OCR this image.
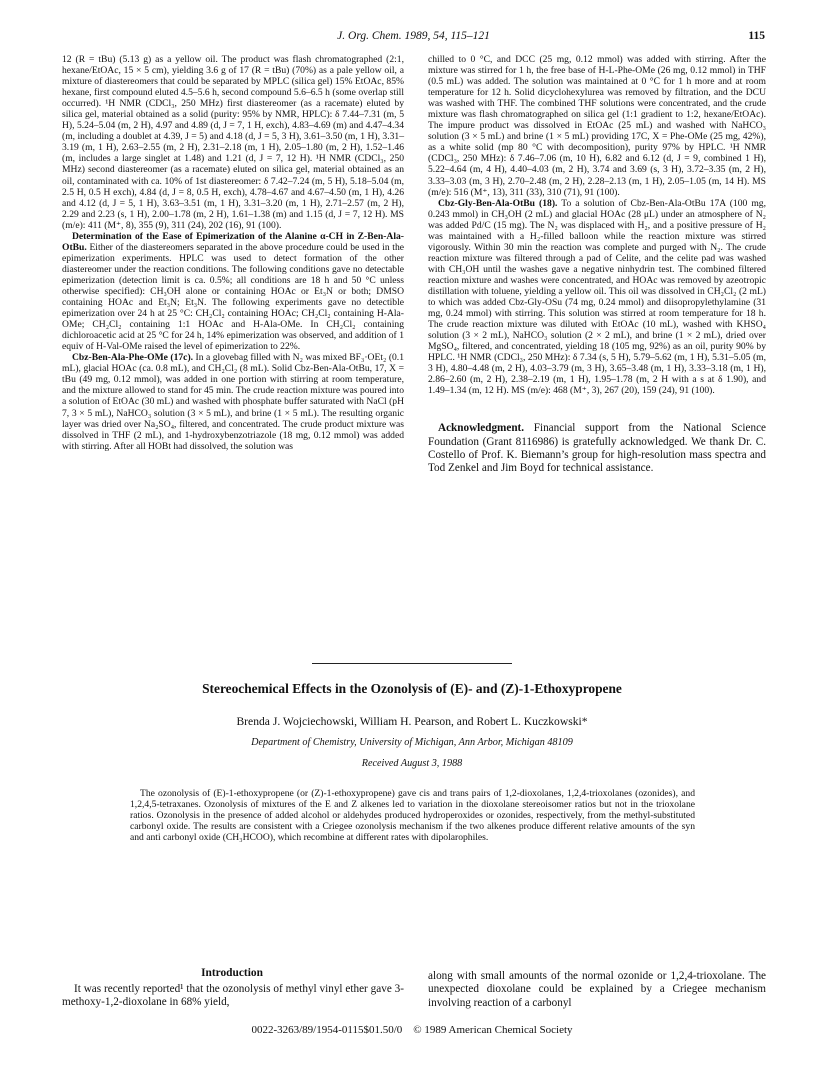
J. Org. Chem. 1989, 54, 115–121	115

12 (R = tBu) (5.13 g) as a yellow oil. The product was flash chromatographed (2:1, hexane/EtOAc, 15 × 5 cm), yielding 3.6 g of 17 (R = tBu) (70%) as a pale yellow oil, a mixture of diastereomers that could be separated by MPLC (silica gel) 15% EtOAc, 85% hexane, first compound eluted 4.5–5.6 h, second compound 5.6–6.5 h (some overlap still occurred). ¹H NMR (CDCl₃, 250 MHz) first diastereomer (as a racemate) eluted by silica gel, material obtained as a solid (purity: 95% by NMR, HPLC): δ 7.44–7.31 (m, 5 H), 5.24–5.04 (m, 2 H), 4.97 and 4.89 (d, J = 7, 1 H, exch), 4.83–4.69 (m) and 4.47–4.34 (m, including a doublet at 4.39, J = 5) and 4.18 (d, J = 5, 3 H), 3.61–3.50 (m, 1 H), 3.31–3.19 (m, 1 H), 2.63–2.55 (m, 2 H), 2.31–2.18 (m, 1 H), 2.05–1.80 (m, 2 H), 1.52–1.46 (m, includes a large singlet at 1.48) and 1.21 (d, J = 7, 12 H). ¹H NMR (CDCl₃, 250 MHz) second diastereomer (as a racemate) eluted on silica gel, material obtained as an oil, contaminated with ca. 10% of 1st diastereomer: δ 7.42–7.24 (m, 5 H), 5.18–5.04 (m, 2.5 H, 0.5 H exch), 4.84 (d, J = 8, 0.5 H, exch), 4.78–4.67 and 4.67–4.50 (m, 1 H), 4.26 and 4.12 (d, J = 5, 1 H), 3.63–3.51 (m, 1 H), 3.31–3.20 (m, 1 H), 2.71–2.57 (m, 2 H), 2.29 and 2.23 (s, 1 H), 2.00–1.78 (m, 2 H), 1.61–1.38 (m) and 1.15 (d, J = 7, 12 H). MS (m/e): 411 (M⁺, 8), 355 (9), 311 (24), 202 (16), 91 (100).

Determination of the Ease of Epimerization of the Alanine α-CH in Z-Ben-Ala-OtBu. Either of the diastereomers separated in the above procedure could be used in the epimerization experiments. HPLC was used to detect formation of the other diastereomer under the reaction conditions. The following conditions gave no detectable epimerization (detection limit is ca. 0.5%; all conditions are 18 h and 50 °C unless otherwise specified): CH₃OH alone or containing HOAc or Et₃N or both; DMSO containing HOAc and Et₃N; Et₃N. The following experiments gave no detectible epimerization over 24 h at 25 °C: CH₂Cl₂ containing HOAc; CH₂Cl₂ containing H-Ala-OMe; CH₂Cl₂ containing 1:1 HOAc and H-Ala-OMe. In CH₂Cl₂ containing dichloroacetic acid at 25 °C for 24 h, 14% epimerization was observed, and addition of 1 equiv of H-Val-OMe raised the level of epimerization to 22%.

Cbz-Ben-Ala-Phe-OMe (17c). In a glovebag filled with N₂ was mixed BF₃·OEt₂ (0.1 mL), glacial HOAc (ca. 0.8 mL), and CH₂Cl₂ (8 mL). Solid Cbz-Ben-Ala-OtBu, 17, X = tBu (49 mg, 0.12 mmol), was added in one portion with stirring at room temperature, and the mixture allowed to stand for 45 min. The crude reaction mixture was poured into a solution of EtOAc (30 mL) and washed with phosphate buffer saturated with NaCl (pH 7, 3 × 5 mL), NaHCO₃ solution (3 × 5 mL), and brine (1 × 5 mL). The resulting organic layer was dried over Na₂SO₄, filtered, and concentrated. The crude product mixture was dissolved in THF (2 mL), and 1-hydroxybenzotriazole (18 mg, 0.12 mmol) was added with stirring. After all HOBt had dissolved, the solution was

chilled to 0 °C, and DCC (25 mg, 0.12 mmol) was added with stirring. After the mixture was stirred for 1 h, the free base of H-L-Phe-OMe (26 mg, 0.12 mmol) in THF (0.5 mL) was added. The solution was maintained at 0 °C for 1 h more and at room temperature for 12 h. Solid dicyclohexylurea was removed by filtration, and the DCU was washed with THF. The combined THF solutions were concentrated, and the crude mixture was flash chromatographed on silica gel (1:1 gradient to 1:2, hexane/EtOAc). The impure product was dissolved in EtOAc (25 mL) and washed with NaHCO₃ solution (3 × 5 mL) and brine (1 × 5 mL) providing 17C, X = Phe-OMe (25 mg, 42%), as a white solid (mp 80 °C with decomposition), purity 97% by HPLC. ¹H NMR (CDCl₃, 250 MHz): δ 7.46–7.06 (m, 10 H), 6.82 and 6.12 (d, J = 9, combined 1 H), 5.22–4.64 (m, 4 H), 4.40–4.03 (m, 2 H), 3.74 and 3.69 (s, 3 H), 3.72–3.35 (m, 2 H), 3.33–3.03 (m, 3 H), 2.70–2.48 (m, 2 H), 2.28–2.13 (m, 1 H), 2.05–1.05 (m, 14 H). MS (m/e): 516 (M⁺, 13), 311 (33), 310 (71), 91 (100).

Cbz-Gly-Ben-Ala-OtBu (18). To a solution of Cbz-Ben-Ala-OtBu 17A (100 mg, 0.243 mmol) in CH₃OH (2 mL) and glacial HOAc (28 μL) under an atmosphere of N₂ was added Pd/C (15 mg). The N₂ was displaced with H₂, and a positive pressure of H₂ was maintained with a H₂-filled balloon while the reaction mixture was stirred vigorously. Within 30 min the reaction was complete and purged with N₂. The crude reaction mixture was filtered through a pad of Celite, and the celite pad was washed with CH₃OH until the washes gave a negative ninhydrin test. The combined filtered reaction mixture and washes were concentrated, and HOAc was removed by azeotropic distillation with toluene, yielding a yellow oil. This oil was dissolved in CH₂Cl₂ (2 mL) to which was added Cbz-Gly-OSu (74 mg, 0.24 mmol) and diisopropylethylamine (31 mg, 0.24 mmol) with stirring. This solution was stirred at room temperature for 18 h. The crude reaction mixture was diluted with EtOAc (10 mL), washed with KHSO₄ solution (3 × 2 mL), NaHCO₃ solution (2 × 2 mL), and brine (1 × 2 mL), dried over MgSO₄, filtered, and concentrated, yielding 18 (105 mg, 92%) as an oil, purity 90% by HPLC. ¹H NMR (CDCl₃, 250 MHz): δ 7.34 (s, 5 H), 5.79–5.62 (m, 1 H), 5.31–5.05 (m, 3 H), 4.80–4.48 (m, 2 H), 4.03–3.79 (m, 3 H), 3.65–3.48 (m, 1 H), 3.33–3.18 (m, 1 H), 2.86–2.60 (m, 2 H), 2.38–2.19 (m, 1 H), 1.95–1.78 (m, 2 H with a s at δ 1.90), and 1.49–1.34 (m, 12 H). MS (m/e): 468 (M⁺, 3), 267 (20), 159 (24), 91 (100).

Acknowledgment. Financial support from the National Science Foundation (Grant 8116986) is gratefully acknowledged. We thank Dr. C. Costello of Prof. K. Biemann’s group for high-resolution mass spectra and Tod Zenkel and Jim Boyd for technical assistance.

Stereochemical Effects in the Ozonolysis of (E)- and (Z)-1-Ethoxypropene
Brenda J. Wojciechowski, William H. Pearson, and Robert L. Kuczkowski*
Department of Chemistry, University of Michigan, Ann Arbor, Michigan 48109
Received August 3, 1988

The ozonolysis of (E)-1-ethoxypropene (or (Z)-1-ethoxypropene) gave cis and trans pairs of 1,2-dioxolanes, 1,2,4-trioxolanes (ozonides), and 1,2,4,5-tetraxanes. Ozonolysis of mixtures of the E and Z alkenes led to variation in the dioxolane stereoisomer ratios but not in the trioxolane ratios. Ozonolysis in the presence of added alcohol or aldehydes produced hydroperoxides or ozonides, respectively, from the methyl-substituted carbonyl oxide. The results are consistent with a Criegee ozonolysis mechanism if the two alkenes produce different relative amounts of the syn and anti carbonyl oxide (CH₃HCOO), which recombine at different rates with dipolarophiles.

Introduction

It was recently reported¹ that the ozonolysis of methyl vinyl ether gave 3-methoxy-1,2-dioxolane in 68% yield,

along with small amounts of the normal ozonide or 1,2,4-trioxolane. The unexpected dioxolane could be explained by a Criegee mechanism involving reaction of a carbonyl

0022-3263/89/1954-0115$01.50/0 © 1989 American Chemical Society
